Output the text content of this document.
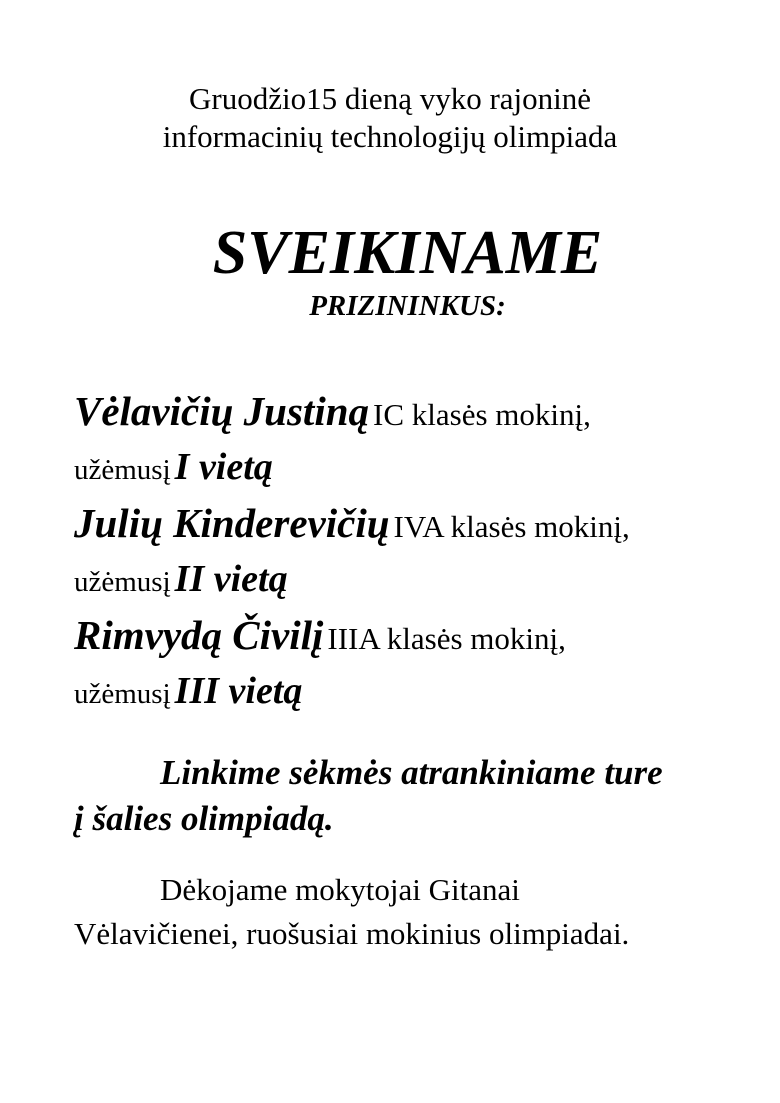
Gruodžio15 dieną vyko rajoninė
informacinių technologijų olimpiada
SVEIKINAME
PRIZININKUS:
Vėlavičių Justiną IC klasės mokinį,
užėmusį I vietą
Julių Kinderevičių IVA klasės mokinį,
užėmusį II vietą
Rimvydą Čivilį IIIA klasės mokinį,
užėmusį III vietą
Linkime sėkmės atrankiniame ture
į šalies olimpiadą.
Dėkojame mokytojai Gitanai
Vėlavičienei, ruošusiai mokinius olimpiadai.
